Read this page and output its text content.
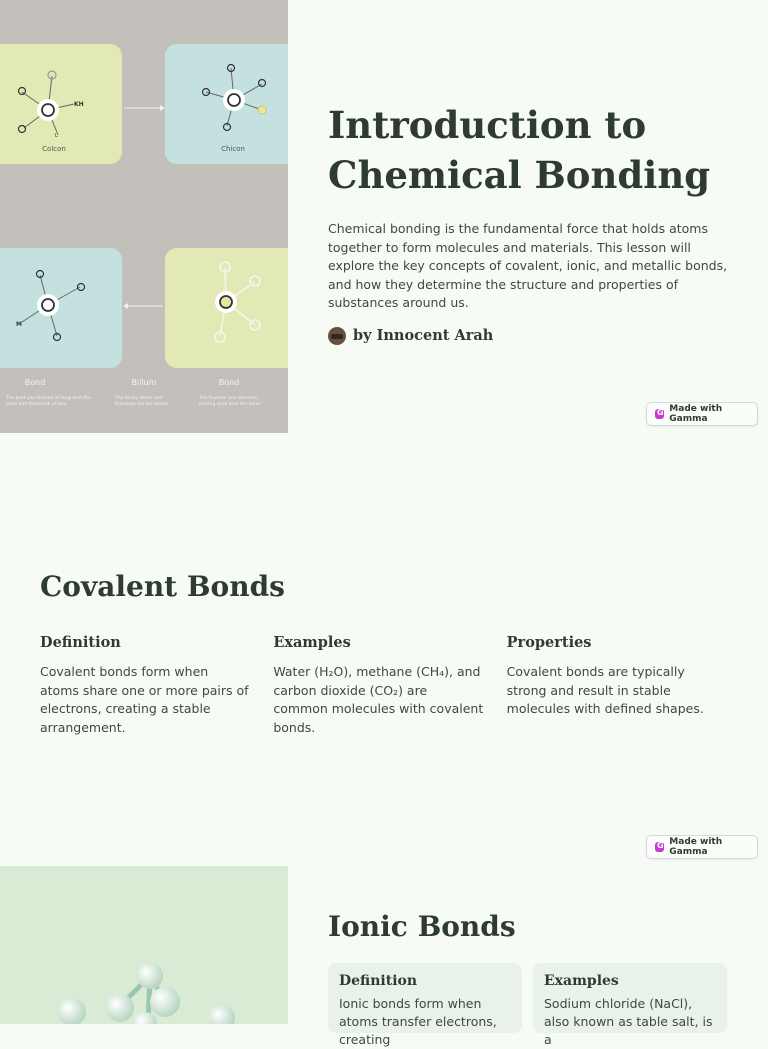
KH
L
Colcon	Chicon
M
Bond	Billum	Bond
The best you classes of mugl tent the anen and theveroth pf fure.
The fectry chens and themings chi the bonds
The fructeer you drevelon thering syne kme the bond
Introduction to Chemical Bonding
Chemical bonding is the fundamental force that holds atoms together to form molecules and materials. This lesson will explore the key concepts of covalent, ionic, and metallic bonds, and how they determine the structure and properties of substances around us.
by Innocent Arah
G
Made with Gamma
Covalent Bonds
Definition
Covalent bonds form when atoms share one or more pairs of electrons, creating a stable arrangement.
Examples
Water (H₂O), methane (CH₄), and carbon dioxide (CO₂) are common molecules with covalent bonds.
Properties
Covalent bonds are typically strong and result in stable molecules with defined shapes.
G
Made with Gamma
Ionic Bonds
Definition
Ionic bonds form when atoms transfer electrons, creating
Examples
Sodium chloride (NaCl), also known as table salt, is a
